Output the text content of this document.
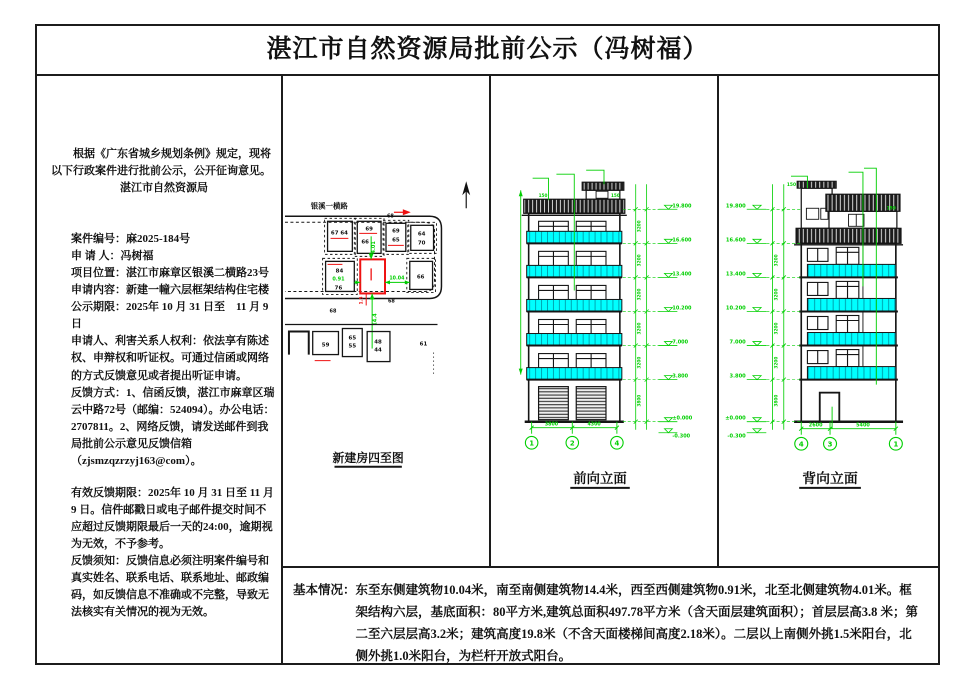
湛江市自然资源局批前公示（冯树福）

根据《广东省城乡规划条例》规定，现将以下行政案件进行批前公示，公开征询意见。

湛江市自然资源局

案件编号：麻2025-184号

申 请 人：冯树福

项目位置：湛江市麻章区银溪二横路23号

申请内容：新建一幢六层框架结构住宅楼

公示期限：2025年 10 月 31 日至　11 月 9 日

申请人、利害关系人权利：依法享有陈述权、申辩权和听证权。可通过信函或网络的方式反馈意见或者提出听证申请。

反馈方式：1、信函反馈，湛江市麻章区瑞云中路72号（邮编：524094）。办公电话：2707811。2、网络反馈，请发送邮件到我局批前公示意见反馈信箱（zjsmzqzrzyj163@com）。

有效反馈期限：2025年 10 月 31 日至 11 月 9 日。信件邮戳日或电子邮件提交时间不应超过反馈期限最后一天的24:00，逾期视为无效，不予参考。

反馈须知：反馈信息必须注明案件编号和真实姓名、联系电话、联系地址、邮政编码，如反馈信息不准确或不完整，导致无法核实有关情况的视为无效。

银溪一横路
67 64
69
66
69
65
64
70
84
0.91
76
66
4.01
10.04
14.4
1.5
68
68
68
59
65
55
48
44
61
新建房四至图
150	150
3200
3200
3200
3200
3200
3800
19.800
16.600
13.400
10.200
7.000
3.800
±0.000
-0.300
3800	4300
1	2	4
前向立面
150
150
3200
3200
3200
3200
3800
19.800
16.600
13.400
10.200
7.000
3.800
±0.000
-0.300
2600	5400
4	3	1
背向立面
基本情况： 东至东侧建筑物10.04米，南至南侧建筑物14.4米，西至西侧建筑物0.91米，北至北侧建筑物4.01米。框架结构六层，基底面积：80平方米,建筑总面积497.78平方米（含天面层建筑面积）；首层层高3.8 米；第二至六层层高3.2米；建筑高度19.8米（不含天面楼梯间高度2.18米）。二层以上南侧外挑1.5米阳台，北侧外挑1.0米阳台，为栏杆开放式阳台。
